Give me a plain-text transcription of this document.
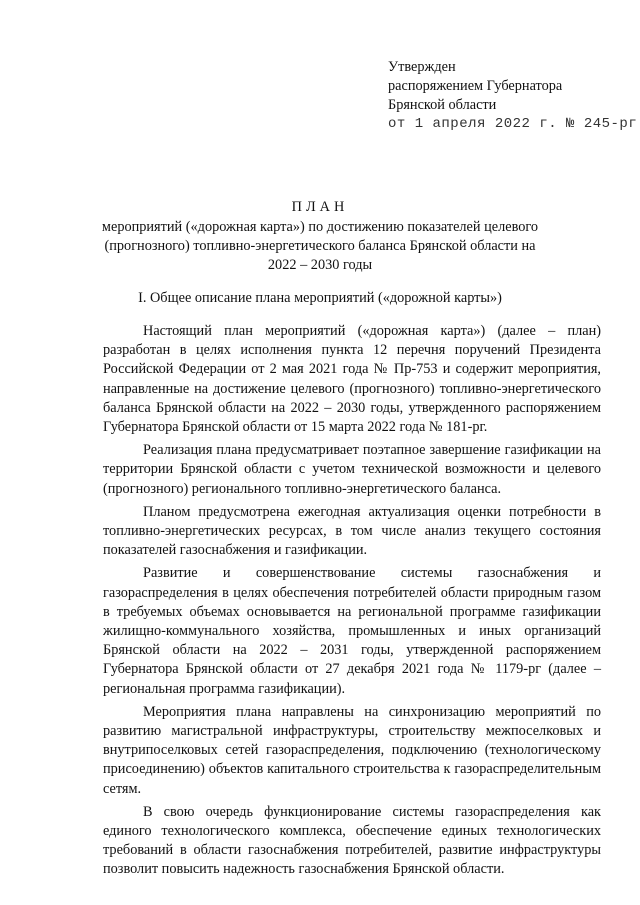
Утвержден
распоряжением Губернатора
Брянской области
от 1 апреля 2022 г. № 245-рг
ПЛАН
мероприятий («дорожная карта») по достижению показателей целевого (прогнозного) топливно-энергетического баланса Брянской области на 2022 – 2030 годы
I. Общее описание плана мероприятий («дорожной карты»)

Настоящий план мероприятий («дорожная карта») (далее – план) разработан в целях исполнения пункта 12 перечня поручений Президента Российской Федерации от 2 мая 2021 года № Пр-753 и содержит мероприятия, направленные на достижение целевого (прогнозного) топливно-энергетического баланса Брянской области на 2022 – 2030 годы, утвержденного распоряжением Губернатора Брянской области от 15 марта 2022 года № 181-рг.

Реализация плана предусматривает поэтапное завершение газификации на территории Брянской области с учетом технической возможности и целевого (прогнозного) регионального топливно-энергетического баланса.

Планом предусмотрена ежегодная актуализация оценки потребности в топливно-энергетических ресурсах, в том числе анализ текущего состояния показателей газоснабжения и газификации.

Развитие и совершенствование системы газоснабжения и газораспределения в целях обеспечения потребителей области природным газом в требуемых объемах основывается на региональной программе газификации жилищно-коммунального хозяйства, промышленных и иных организаций Брянской области на 2022 – 2031 годы, утвержденной распоряжением Губернатора Брянской области от 27 декабря 2021 года № 1179-рг (далее – региональная программа газификации).

Мероприятия плана направлены на синхронизацию мероприятий по развитию магистральной инфраструктуры, строительству межпоселковых и внутрипоселковых сетей газораспределения, подключению (технологическому присоединению) объектов капитального строительства к газораспределительным сетям.

В свою очередь функционирование системы газораспределения как единого технологического комплекса, обеспечение единых технологических требований в области газоснабжения потребителей, развитие инфраструктуры позволит повысить надежность газоснабжения Брянской области.
